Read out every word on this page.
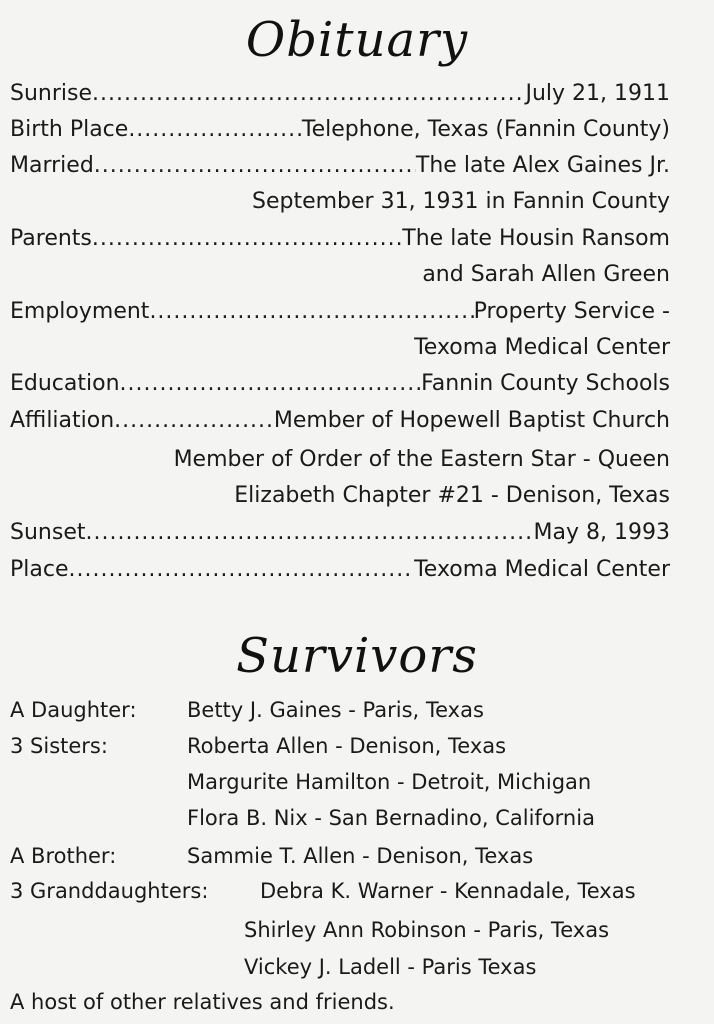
Obituary
Sunrise .....	July 21, 1911
Birth Place .....	Telephone, Texas (Fannin County)
Married .....	The late Alex Gaines Jr.
September 31, 1931 in Fannin County
Parents .....	The late Housin Ransom
and Sarah Allen Green
Employment .....	Property Service -
Texoma Medical Center
Education .....	Fannin County Schools
Affiliation .....	Member of Hopewell Baptist Church
Member of Order of the Eastern Star - Queen
Elizabeth Chapter #21 - Denison, Texas
Sunset .....	May 8, 1993
Place .....	Texoma Medical Center
Survivors
A Daughter: Betty J. Gaines - Paris, Texas
3 Sisters:	Roberta Allen - Denison, Texas
Margurite Hamilton - Detroit, Michigan
Flora B. Nix - San Bernadino, California
A Brother:	Sammie T. Allen - Denison, Texas
3 Granddaughters: Debra K. Warner - Kennadale, Texas
Shirley Ann Robinson - Paris, Texas
Vickey J. Ladell - Paris Texas
A host of other relatives and friends.
